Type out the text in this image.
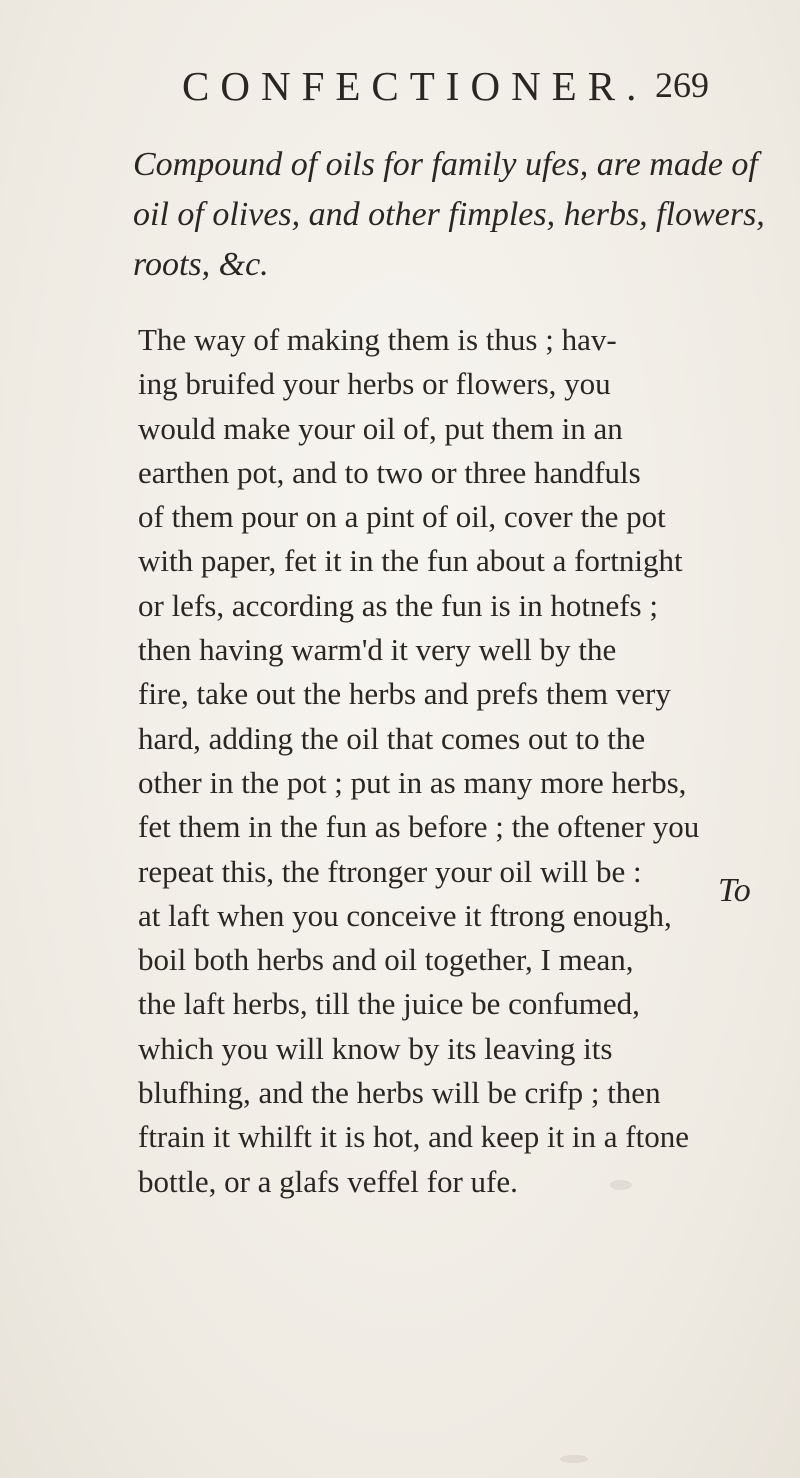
CONFECTIONER. 269
Compound of oils for family ufes, are made of
oil of olives, and other fimples, herbs, flowers,
roots, &c.
The way of making them is thus ; hav-
ing bruifed your herbs or flowers, you
would make your oil of, put them in an
earthen pot, and to two or three handfuls
of them pour on a pint of oil, cover the pot
with paper, fet it in the fun about a fortnight
or lefs, according as the fun is in hotnefs ;
then having warm'd it very well by the
fire, take out the herbs and prefs them very
hard, adding the oil that comes out to the
other in the pot ; put in as many more herbs,
fet them in the fun as before ; the oftener you
repeat this, the ftronger your oil will be :
at laft when you conceive it ftrong enough,
boil both herbs and oil together, I mean,
the laft herbs, till the juice be confumed,
which you will know by its leaving its
blufhing, and the herbs will be crifp ; then
ftrain it whilft it is hot, and keep it in a ftone
bottle, or a glafs veffel for ufe.
To
